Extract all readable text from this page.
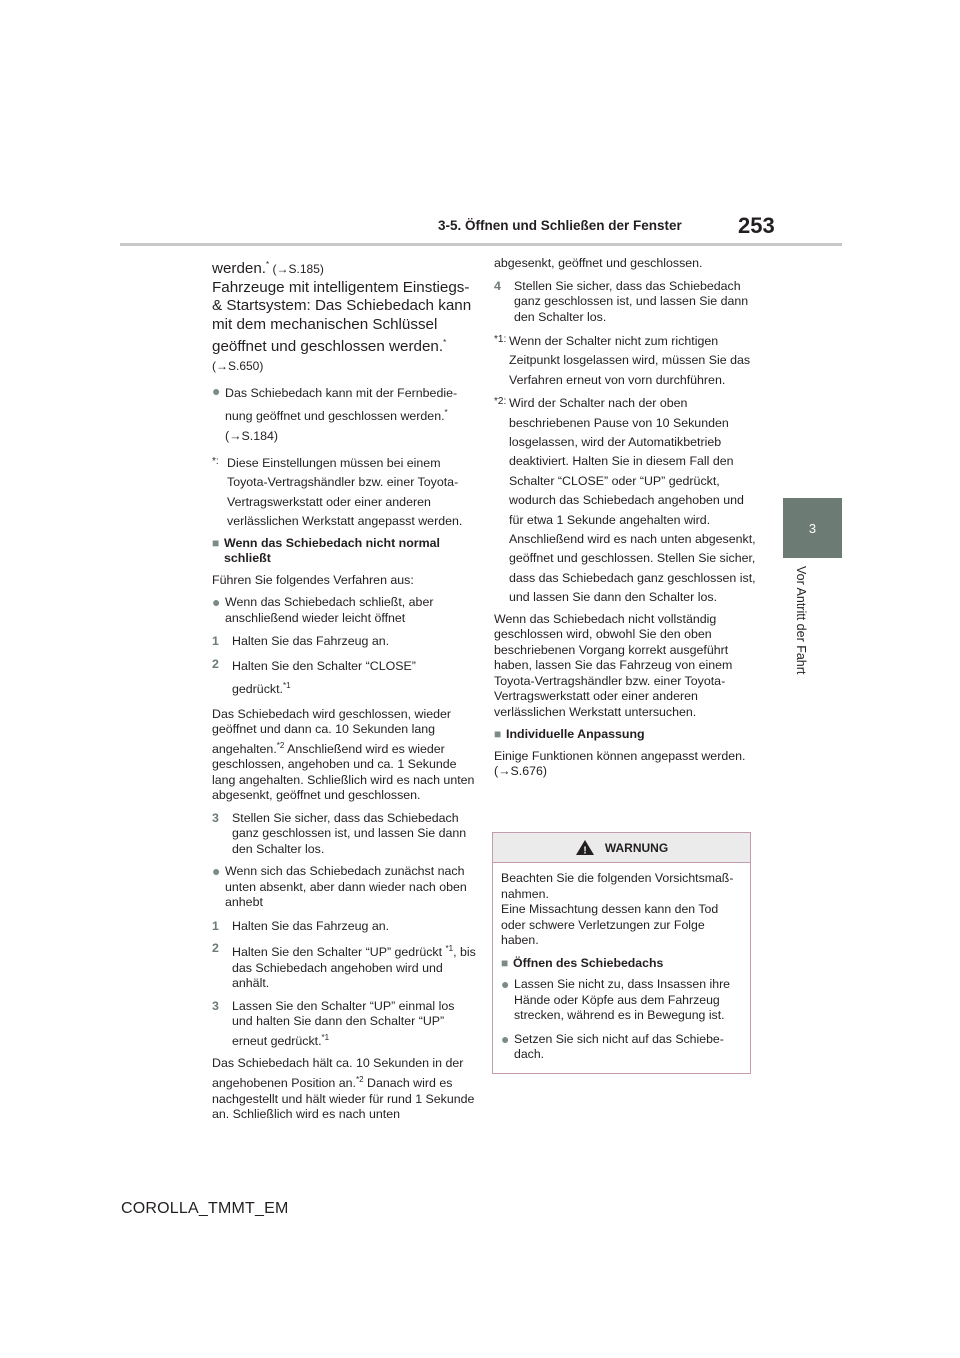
3-5. Öffnen und Schließen der Fenster	253
3
Vor Antritt der Fahrt

werden.* (→S.185)
Fahrzeuge mit intelligentem Einstiegs- & Startsystem: Das Schiebedach kann mit dem mechanischen Schlüssel geöffnet und geschlossen werden.* (→S.650)

● Das Schiebedach kann mit der Fernbedienung geöffnet und geschlossen werden.*
(→S.184)
*: Diese Einstellungen müssen bei einem Toyota-Vertragshändler bzw. einer Toyota-Vertragswerkstatt oder einer anderen verlässlichen Werkstatt angepasst werden.
■ Wenn das Schiebedach nicht normal schließt

Führen Sie folgendes Verfahren aus:

● Wenn das Schiebedach schließt, aber anschließend wieder leicht öffnet
1	Halten Sie das Fahrzeug an.
2	Halten Sie den Schalter “CLOSE” gedrückt.$^{*1}$

Das Schiebedach wird geschlossen, wieder geöffnet und dann ca. 10 Sekunden lang angehalten.$^{*2}$ Anschließend wird es wieder geschlossen, angehoben und ca. 1 Sekunde lang angehalten. Schließlich wird es nach unten abgesenkt, geöffnet und geschlossen.

3	Stellen Sie sicher, dass das Schiebedach ganz geschlossen ist, und lassen Sie dann den Schalter los.
● Wenn sich das Schiebedach zunächst nach unten absenkt, aber dann wieder nach oben anhebt
1	Halten Sie das Fahrzeug an.
2	Halten Sie den Schalter “UP” gedrückt $^{*1}$, bis das Schiebedach angehoben wird und anhält.
3	Lassen Sie den Schalter “UP” einmal los und halten Sie dann den Schalter “UP” erneut gedrückt.$^{*1}$

Das Schiebedach hält ca. 10 Sekunden in der angehobenen Position an.$^{*2}$ Danach wird es nachgestellt und hält wieder für rund 1 Sekunde an. Schließlich wird es nach unten

abgesenkt, geöffnet und geschlossen.

4	Stellen Sie sicher, dass das Schiebedach ganz geschlossen ist, und lassen Sie dann den Schalter los.
*1: Wenn der Schalter nicht zum richtigen Zeitpunkt losgelassen wird, müssen Sie das Verfahren erneut von vorn durchführen.
*2: Wird der Schalter nach der oben beschriebenen Pause von 10 Sekunden losgelassen, wird der Automatikbetrieb deaktiviert. Halten Sie in diesem Fall den Schalter “CLOSE” oder “UP” gedrückt, wodurch das Schiebedach angehoben und für etwa 1 Sekunde angehalten wird. Anschließend wird es nach unten abgesenkt, geöffnet und geschlossen. Stellen Sie sicher, dass das Schiebedach ganz geschlossen ist, und lassen Sie dann den Schalter los.

Wenn das Schiebedach nicht vollständig geschlossen wird, obwohl Sie den oben beschriebenen Vorgang korrekt ausgeführt haben, lassen Sie das Fahrzeug von einem Toyota-Vertragshändler bzw. einer Toyota-Vertragswerkstatt oder einer anderen verlässlichen Werkstatt untersuchen.

■ Individuelle Anpassung

Einige Funktionen können angepasst werden. (→S.676)

! WARNUNG

Beachten Sie die folgenden Vorsichtsmaßnahmen.
Eine Missachtung dessen kann den Tod oder schwere Verletzungen zur Folge haben.

■ Öffnen des Schiebedachs
● Lassen Sie nicht zu, dass Insassen ihre Hände oder Köpfe aus dem Fahrzeug strecken, während es in Bewegung ist.
● Setzen Sie sich nicht auf das Schiebedach.
COROLLA_TMMT_EM
